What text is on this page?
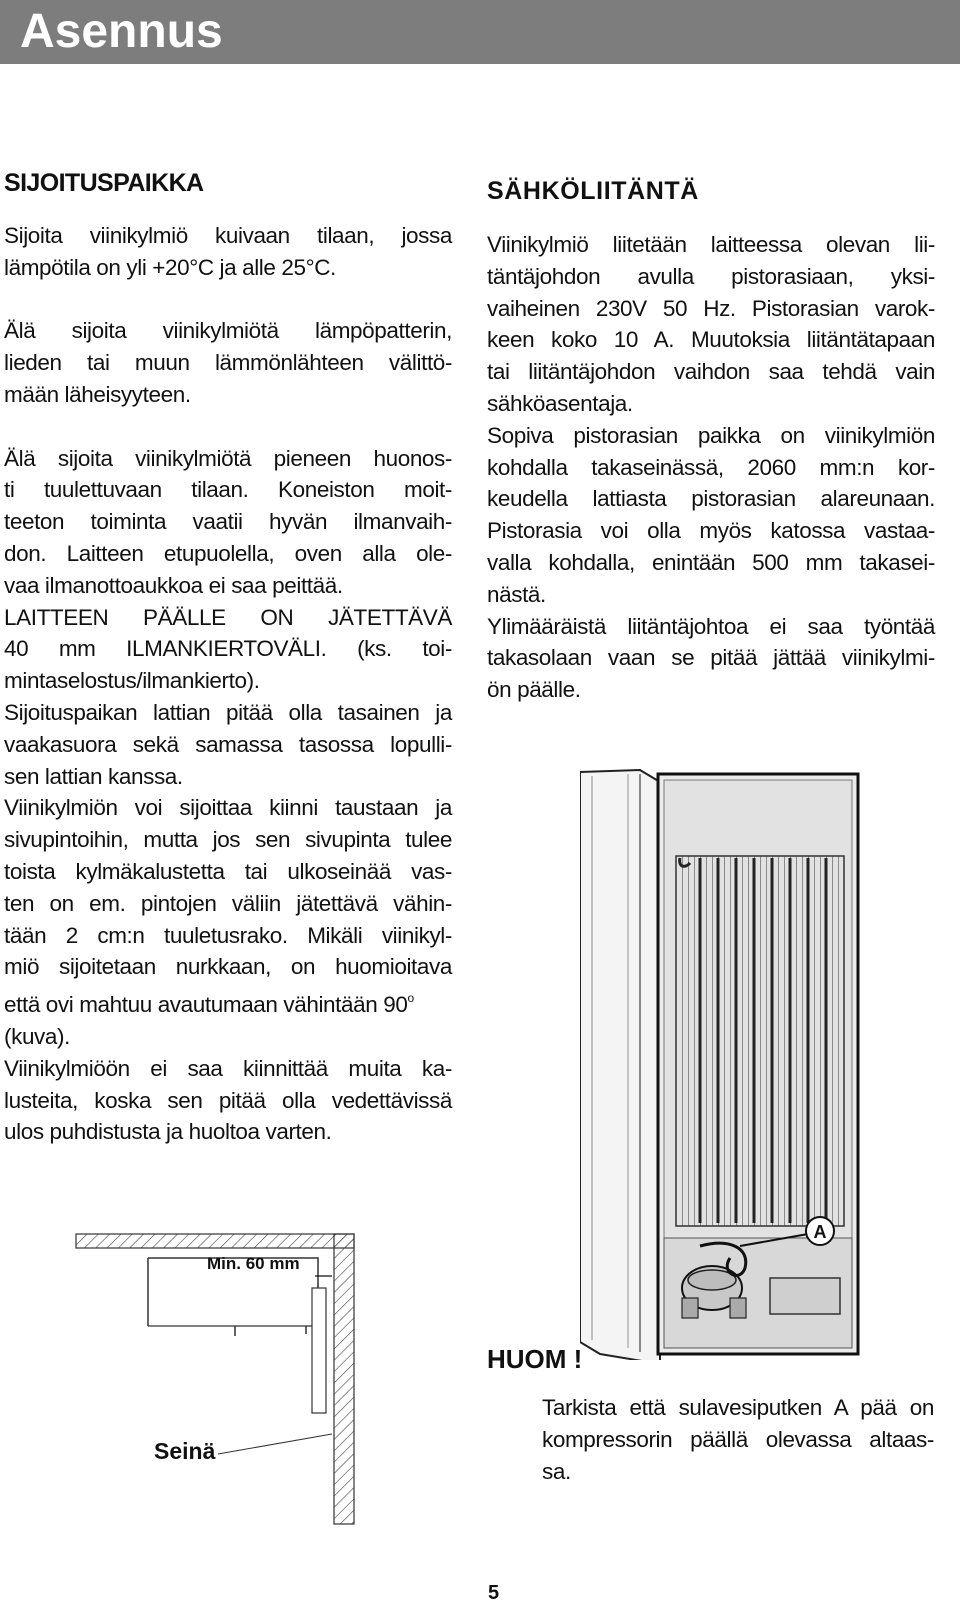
Asennus
SIJOITUSPAIKKA
Sijoita viinikylmiö kuivaan tilaan, jossa
lämpötila on yli +20°C ja alle 25°C.
Älä sijoita viinikylmiötä lämpöpatterin,
lieden tai muun lämmönlähteen välittö-
mään läheisyyteen.
Älä sijoita viinikylmiötä pieneen huonos-
ti tuulettuvaan tilaan. Koneiston moit-
teeton toiminta vaatii hyvän ilmanvaih-
don. Laitteen etupuolella, oven alla ole-
vaa ilmanottoaukkoa ei saa peittää.
LAITTEEN PÄÄLLE ON JÄTETTÄVÄ
40 mm ILMANKIERTOVÄLI. (ks. toi-
mintaselostus/ilmankierto).
Sijoituspaikan lattian pitää olla tasainen ja
vaakasuora sekä samassa tasossa lopulli-
sen lattian kanssa.
Viinikylmiön voi sijoittaa kiinni taustaan ja
sivupintoihin, mutta jos sen sivupinta tulee
toista kylmäkalustetta tai ulkoseinää vas-
ten on em. pintojen väliin jätettävä vähin-
tään 2 cm:n tuuletusrako. Mikäli viinikyl-
miö sijoitetaan nurkkaan, on huomioitava
että ovi mahtuu avautumaan vähintään 90$^o$
(kuva).
Viinikylmiöön ei saa kiinnittää muita ka-
lusteita, koska sen pitää olla vedettävissä
ulos puhdistusta ja huoltoa varten.
SÄHKÖLIITÄNTÄ
Viinikylmiö liitetään laitteessa olevan lii-
täntäjohdon avulla pistorasiaan, yksi-
vaiheinen 230V 50 Hz. Pistorasian varok-
keen koko 10 A. Muutoksia liitäntätapaan
tai liitäntäjohdon vaihdon saa tehdä vain
sähköasentaja.
Sopiva pistorasian paikka on viinikylmiön
kohdalla takaseinässä, 2060 mm:n kor-
keudella lattiasta pistorasian alareunaan.
Pistorasia voi olla myös katossa vastaa-
valla kohdalla, enintään 500 mm takasei-
nästä.
Ylimääräistä liitäntäjohtoa ei saa työntää
takasolaan vaan se pitää jättää viinikylmi-
ön päälle.
A
Min. 60 mm
Seinä
HUOM !
Tarkista että sulavesiputken A pää on
kompressorin päällä olevassa altaas-
sa.
5
